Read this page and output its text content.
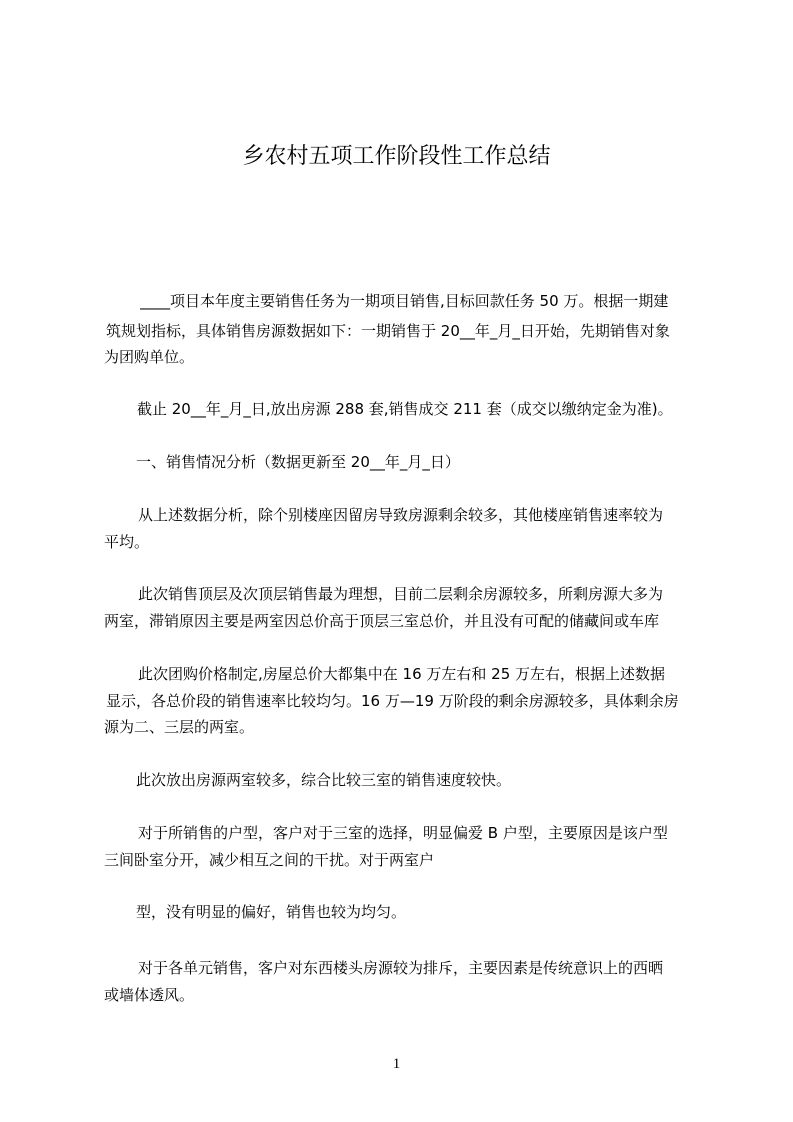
乡农村五项工作阶段性工作总结
____项目本年度主要销售任务为一期项目销售,目标回款任务 50 万。根据一期建
筑规划指标，具体销售房源数据如下：一期销售于 20__年_月_日开始，先期销售对象
为团购单位。
截止 20__年_月_日,放出房源 288 套,销售成交 211 套（成交以缴纳定金为准)。
一、销售情况分析（数据更新至 20__年_月_日）
从上述数据分析，除个别楼座因留房导致房源剩余较多，其他楼座销售速率较为
平均。
此次销售顶层及次顶层销售最为理想，目前二层剩余房源较多，所剩房源大多为
两室，滞销原因主要是两室因总价高于顶层三室总价，并且没有可配的储藏间或车库
此次团购价格制定,房屋总价大都集中在 16 万左右和 25 万左右，根据上述数据
显示，各总价段的销售速率比较均匀。16 万—19 万阶段的剩余房源较多，具体剩余房
源为二、三层的两室。
此次放出房源两室较多，综合比较三室的销售速度较快。
对于所销售的户型，客户对于三室的选择，明显偏爱 B 户型，主要原因是该户型
三间卧室分开，减少相互之间的干扰。对于两室户
型，没有明显的偏好，销售也较为均匀。
对于各单元销售，客户对东西楼头房源较为排斥，主要因素是传统意识上的西晒
或墙体透风。
1
